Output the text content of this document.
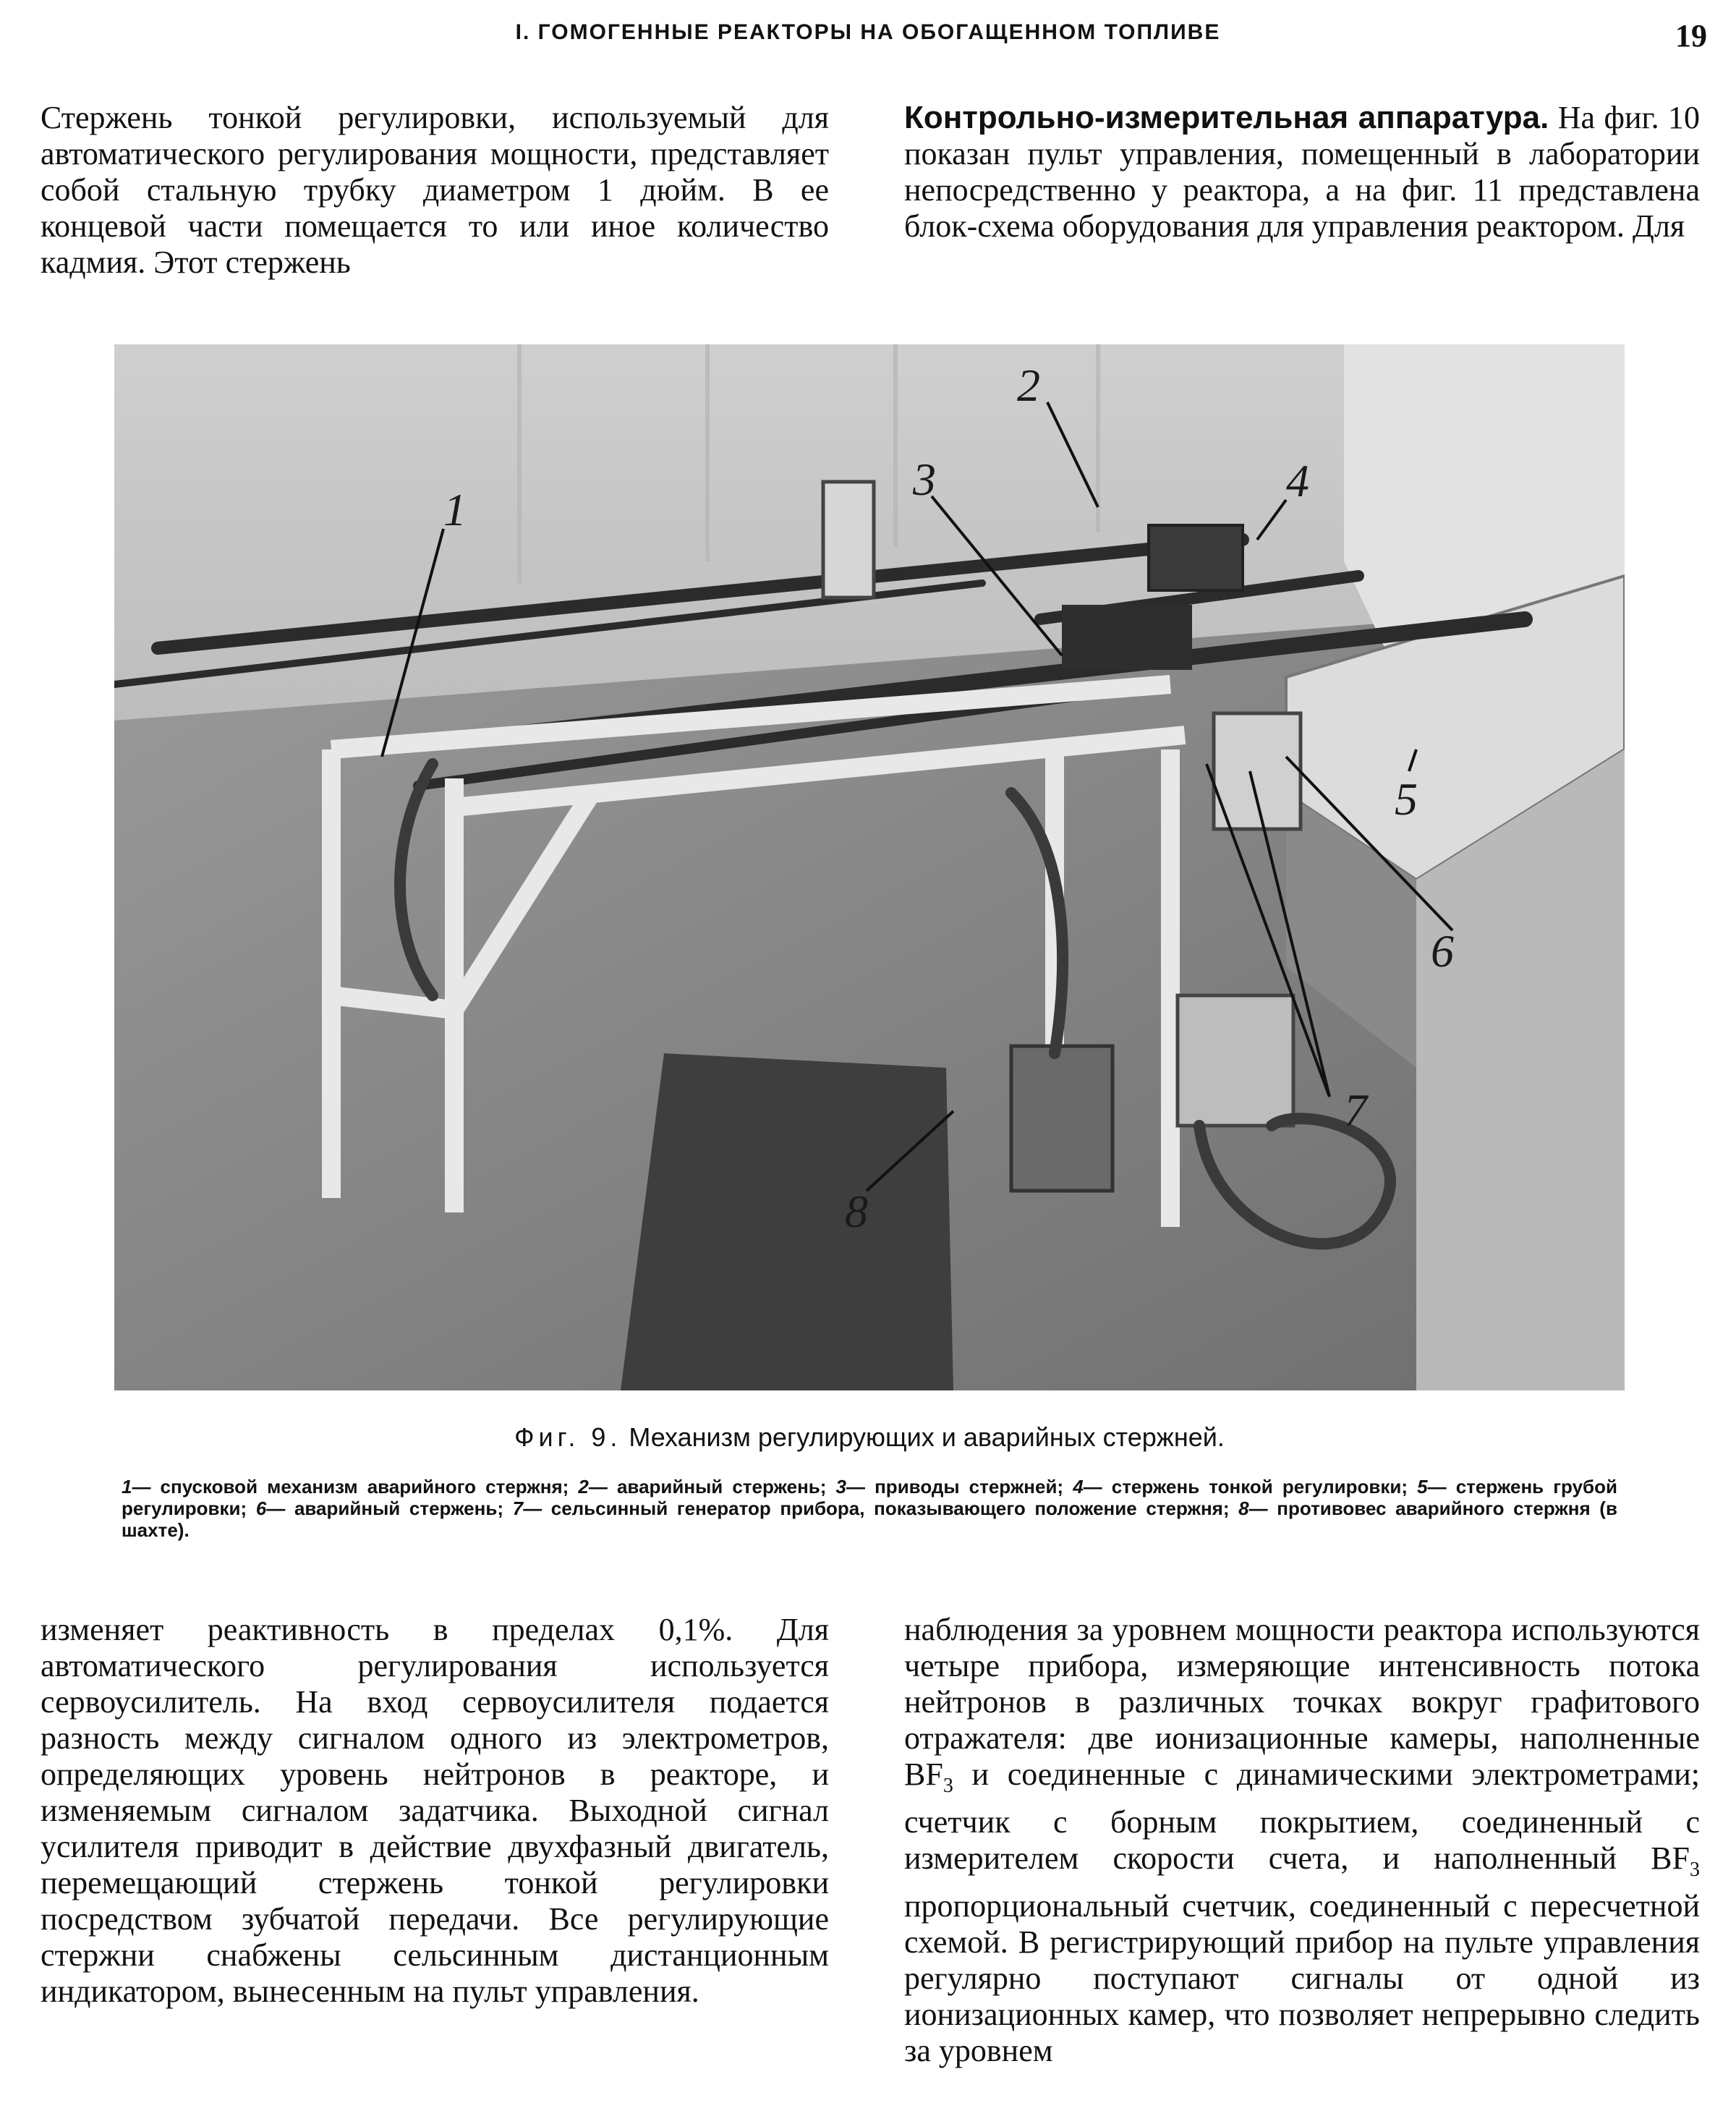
I. ГОМОГЕННЫЕ РЕАКТОРЫ НА ОБОГАЩЕННОМ ТОПЛИВЕ	19

Стержень тонкой регулировки, используемый для автоматического регулирования мощности, представляет собой стальную трубку диаметром 1 дюйм. В ее концевой части помещается то или иное количество кадмия. Этот стержень

Контрольно-измерительная аппаратура. На фиг. 10 показан пульт управления, помещенный в лаборатории непосредственно у реактора, а на фиг. 11 представлена блок-схема оборудования для управления реактором. Для

1
2
3	4
5
6
7
8
Фиг. 9. Механизм регулирующих и аварийных стержней.
1— спусковой механизм аварийного стержня; 2— аварийный стержень; 3— приводы стержней; 4— стержень тонкой регулировки; 5— стержень грубой регулировки; 6— аварийный стержень; 7— сельсинный генератор прибора, показывающего положение стержня; 8— противовес аварийного стержня (в шахте).

изменяет реактивность в пределах 0,1%. Для автоматического регулирования используется сервоусилитель. На вход сервоусилителя подается разность между сигналом одного из электрометров, определяющих уровень нейтронов в реакторе, и изменяемым сигналом задатчика. Выходной сигнал усилителя приводит в действие двухфазный двигатель, перемещающий стержень тонкой регулировки посредством зубчатой передачи. Все регулирующие стержни снабжены сельсинным дистанционным индикатором, вынесенным на пульт управления.

наблюдения за уровнем мощности реактора используются четыре прибора, измеряющие интенсивность потока нейтронов в различных точках вокруг графитового отражателя: две ионизационные камеры, наполненные $BF_3$ и соединенные с динамическими электрометрами; счетчик с борным покрытием, соединенный с измерителем скорости счета, и наполненный $BF_3$ пропорциональный счетчик, соединенный с пересчетной схемой. В регистрирующий прибор на пульте управления регулярно поступают сигналы от одной из ионизационных камер, что позволяет непрерывно следить за уровнем
